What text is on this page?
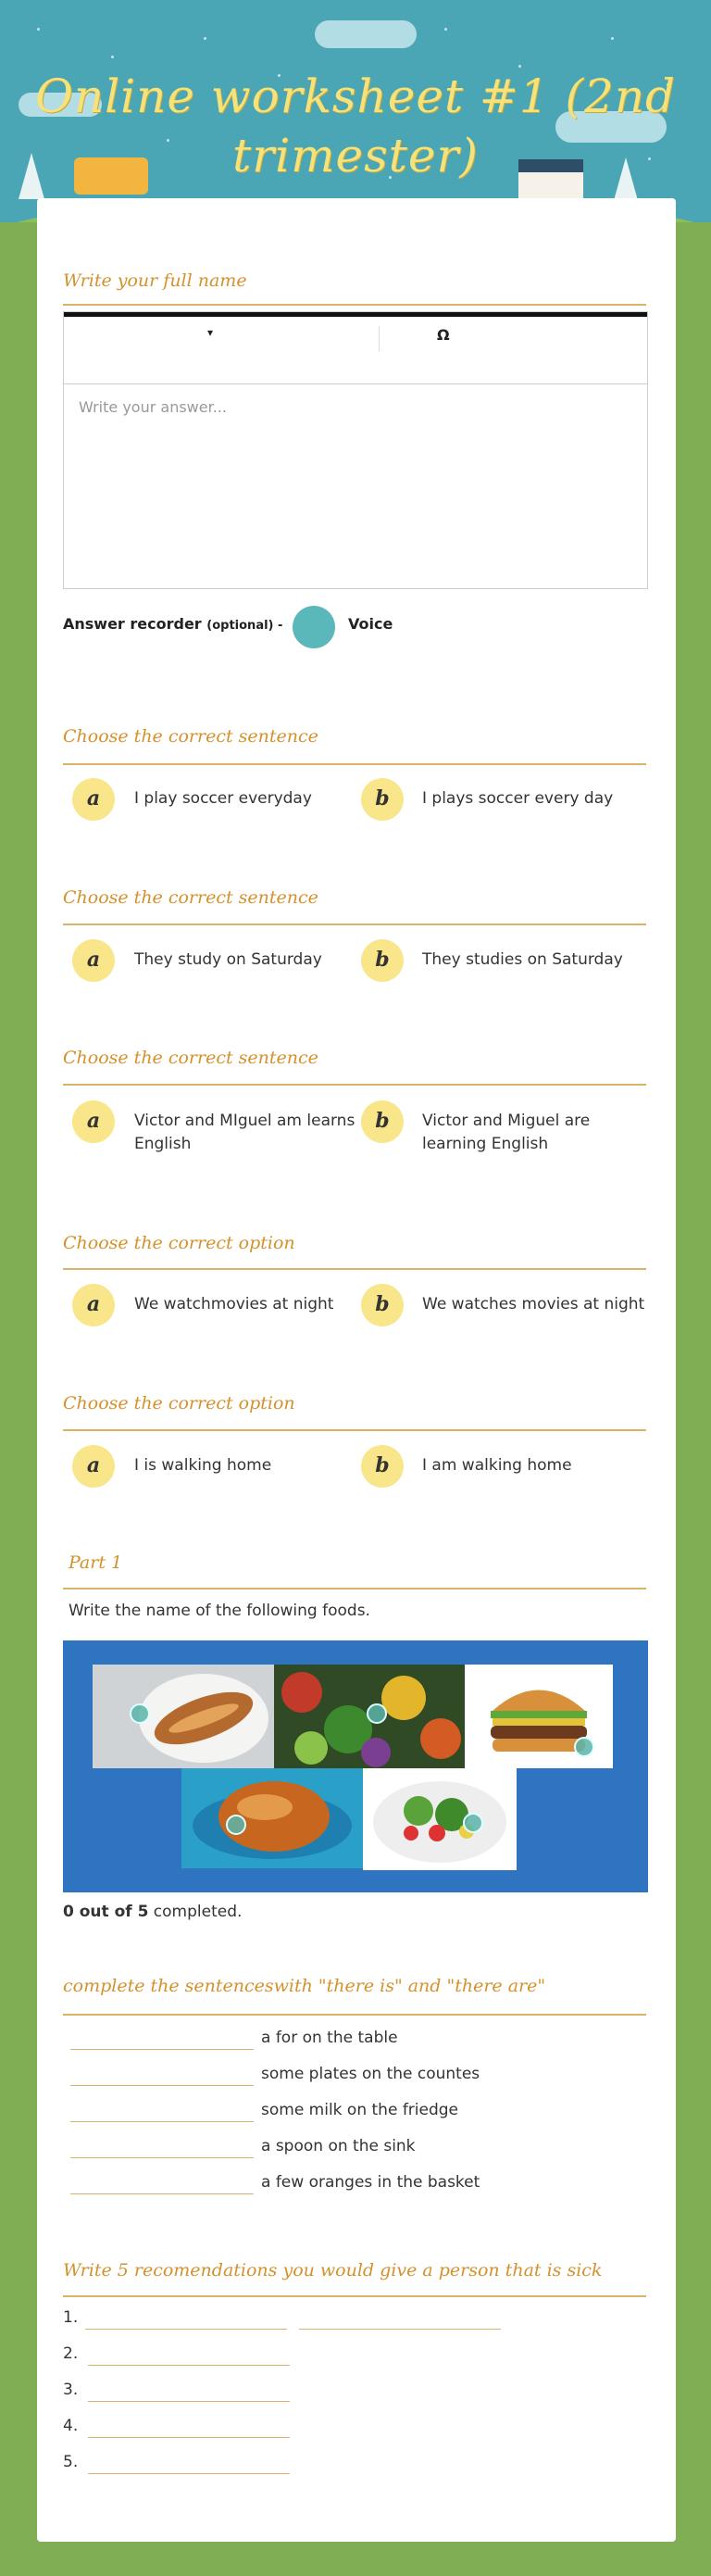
Online worksheet #1 (2nd trimester)
Write your full name
▾	Ω
Write your answer...
Answer recorder (optional) -	Voice
Choose the correct sentence
a	I play soccer everyday	b	I plays soccer every day
Choose the correct sentence
a	They study on Saturday	b	They studies on Saturday
Choose the correct sentence
a	Victor and MIguel am learns English
b	Victor and Miguel are learning English
Choose the correct option
a	We watchmovies at night	b	We watches movies at night
Choose the correct option
a	I is walking home	b	I am walking home
Part 1
Write the name of the following foods.
0 out of 5 completed.
complete the sentenceswith "there is" and "there are"
a for on the table
some plates on the countes
some milk on the friedge
a spoon on the sink
a few oranges in the basket
Write 5 recomendations you would give a person that is sick
1.
2.
3.
4.
5.
